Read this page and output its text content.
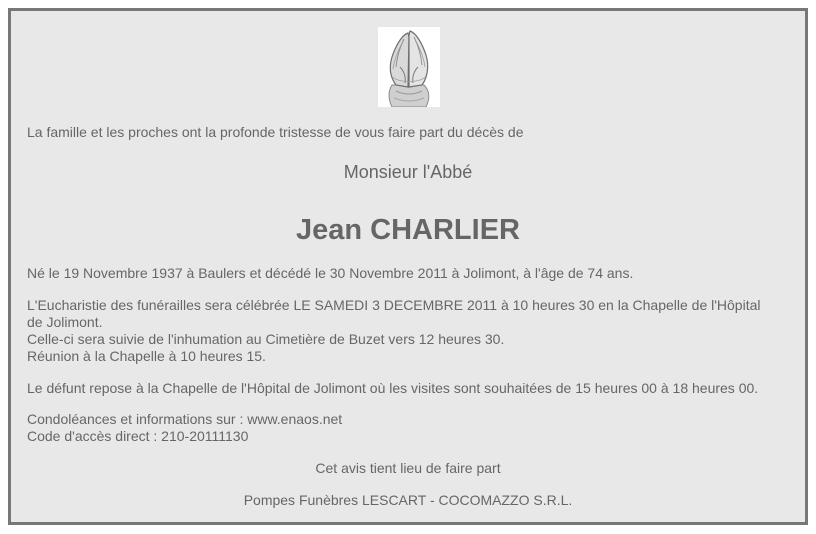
La famille et les proches ont la profonde tristesse de vous faire part du décès de
Monsieur l'Abbé
Jean CHARLIER
Né le 19 Novembre 1937 à Baulers et décédé le 30 Novembre 2011 à Jolimont, à l'âge de 74 ans.
L'Eucharistie des funérailles sera célébrée LE SAMEDI 3 DECEMBRE 2011 à 10 heures 30 en la Chapelle de l'Hôpital
de Jolimont.
Celle-ci sera suivie de l'inhumation au Cimetière de Buzet vers 12 heures 30.
Réunion à la Chapelle à 10 heures 15.
Le défunt repose à la Chapelle de l'Hôpital de Jolimont où les visites sont souhaitées de 15 heures 00 à 18 heures 00.
Condoléances et informations sur : www.enaos.net
Code d'accès direct : 210-20111130
Cet avis tient lieu de faire part
Pompes Funèbres LESCART - COCOMAZZO S.R.L.
